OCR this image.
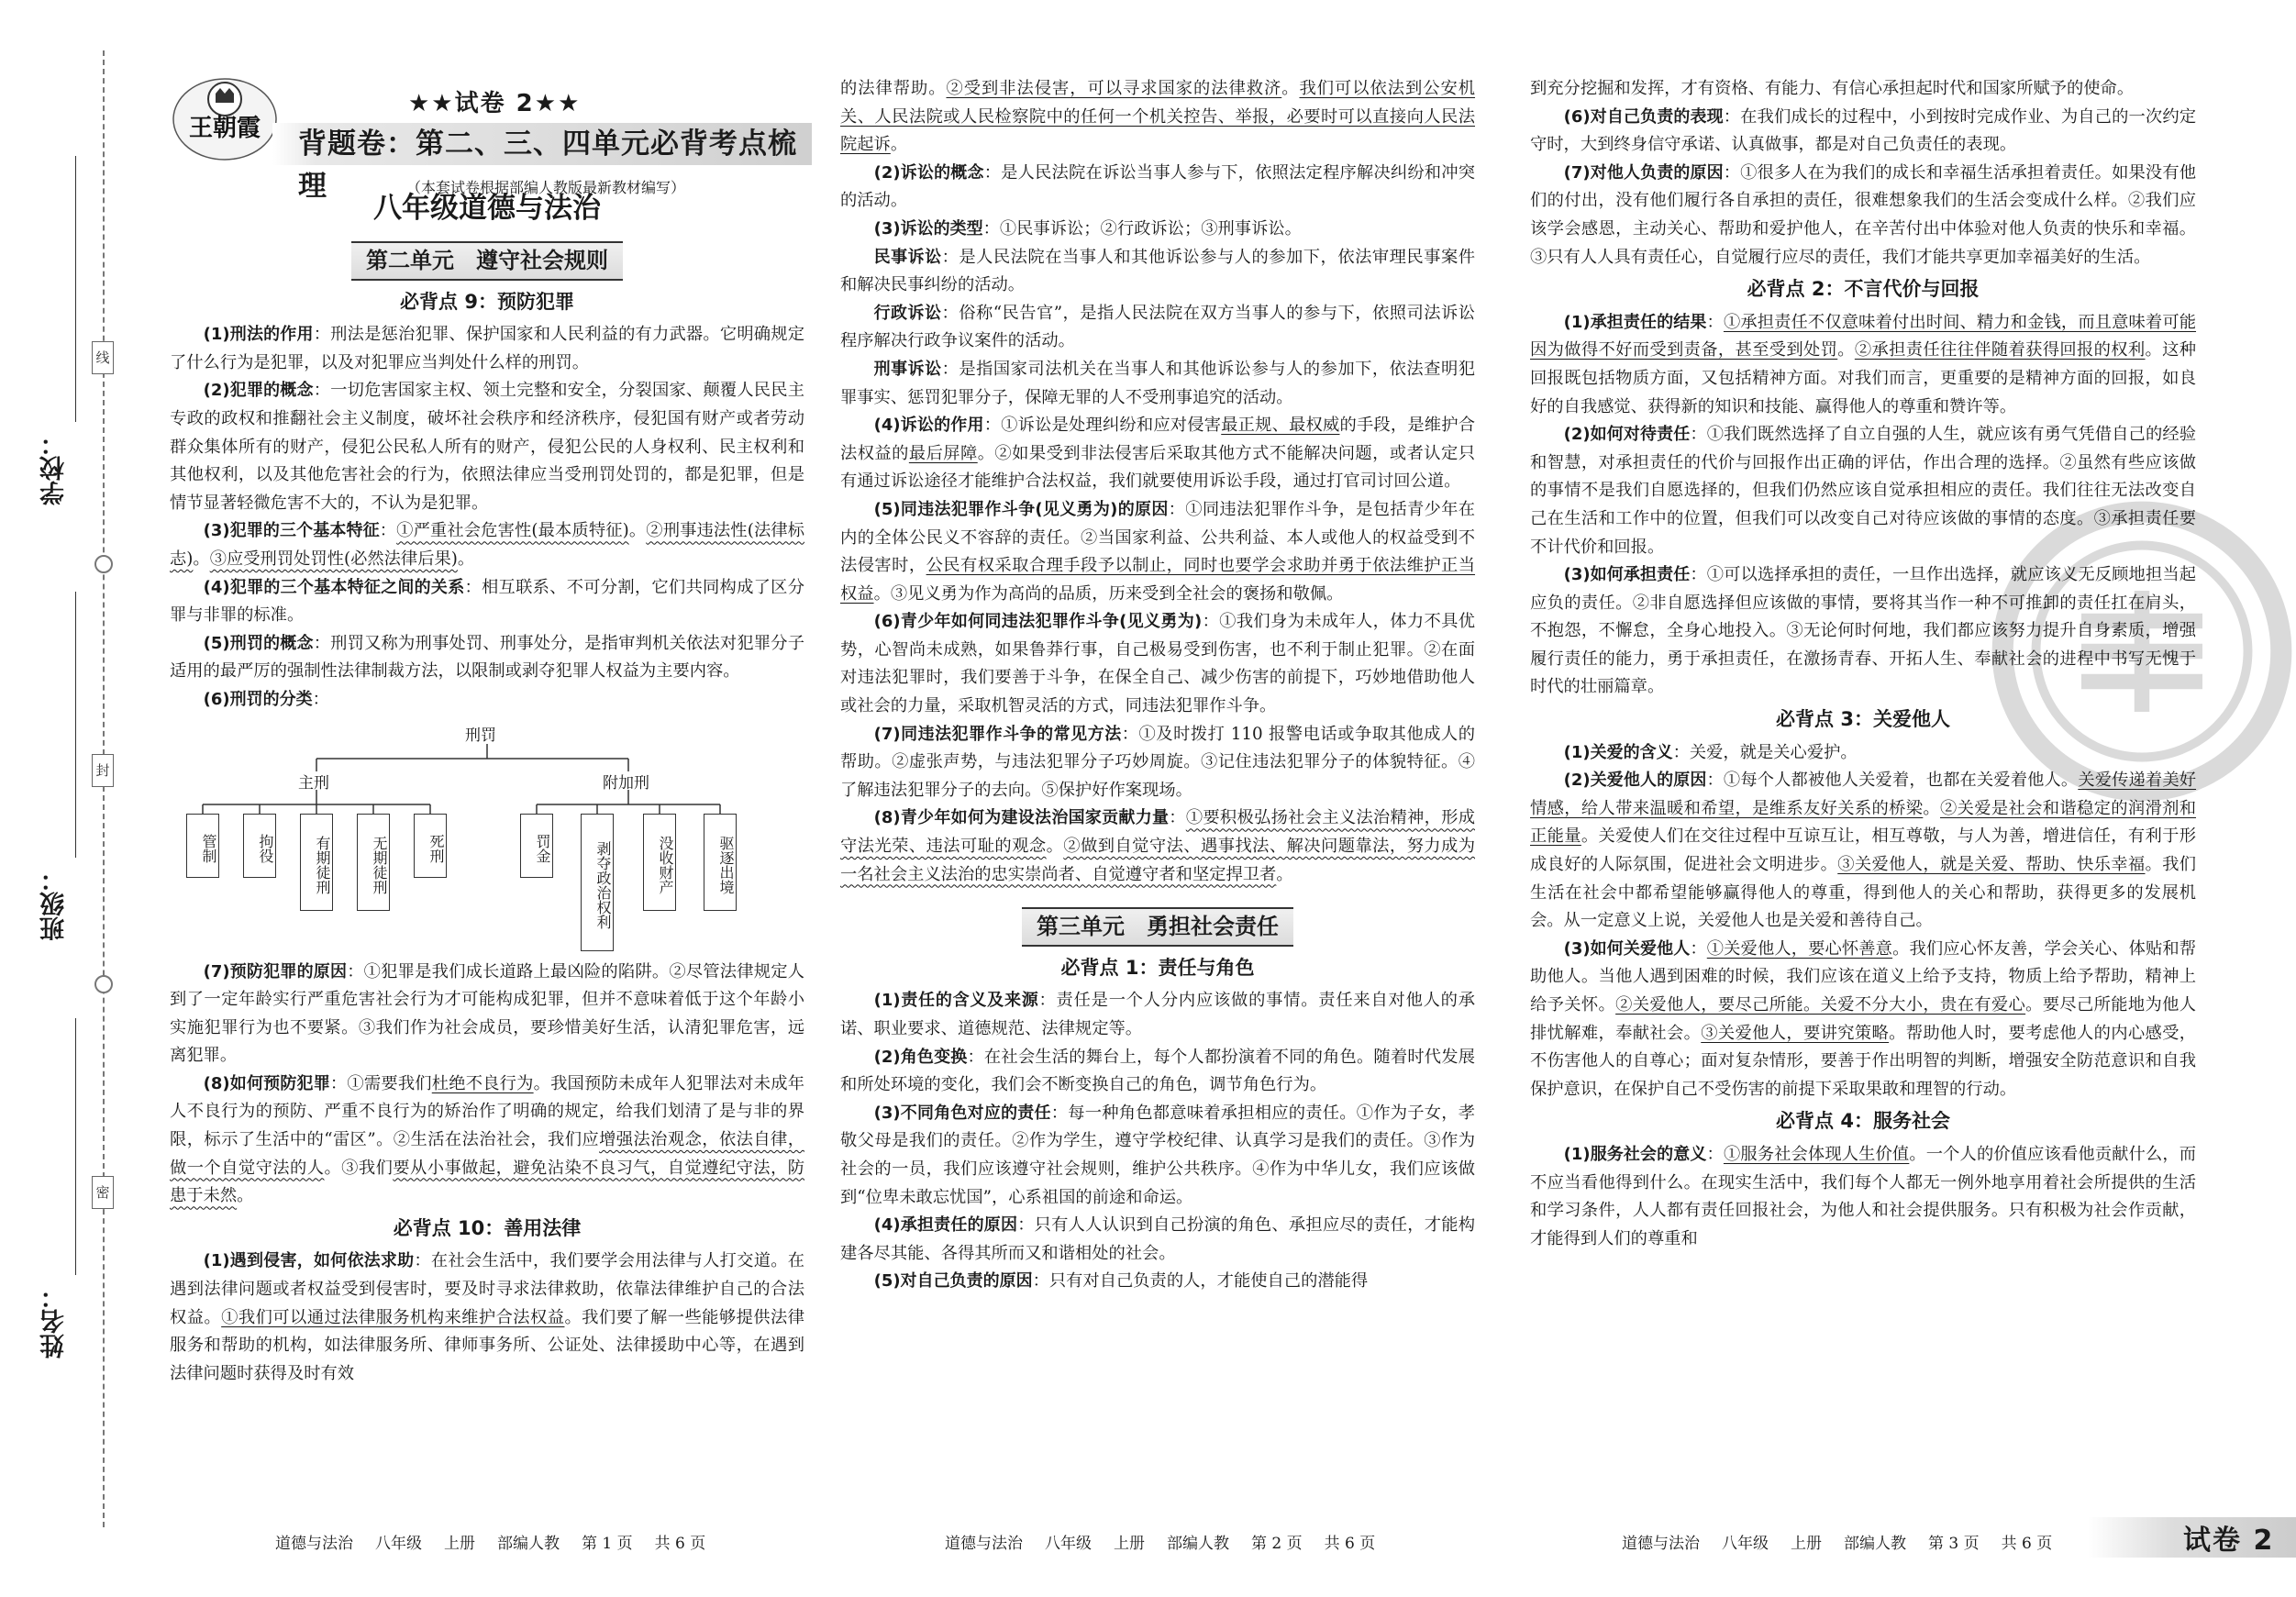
线
封
密
学校：
班级：
姓名：
王朝霞
★★试卷 2★★
背题卷：第二、三、四单元必背考点梳理	（本套试卷根据部编人教版最新教材编写）
八年级道德与法治
第二单元　遵守社会规则
必背点 9：预防犯罪

(1)刑法的作用：刑法是惩治犯罪、保护国家和人民利益的有力武器。它明确规定了什么行为是犯罪，以及对犯罪应当判处什么样的刑罚。

(2)犯罪的概念：一切危害国家主权、领土完整和安全，分裂国家、颠覆人民民主专政的政权和推翻社会主义制度，破坏社会秩序和经济秩序，侵犯国有财产或者劳动群众集体所有的财产，侵犯公民私人所有的财产，侵犯公民的人身权利、民主权利和其他权利，以及其他危害社会的行为，依照法律应当受刑罚处罚的，都是犯罪，但是情节显著轻微危害不大的，不认为是犯罪。

(3)犯罪的三个基本特征：①严重社会危害性(最本质特征)。②刑事违法性(法律标志)。③应受刑罚处罚性(必然法律后果)。

(4)犯罪的三个基本特征之间的关系：相互联系、不可分割，它们共同构成了区分罪与非罪的标准。

(5)刑罚的概念：刑罚又称为刑事处罚、刑事处分，是指审判机关依法对犯罪分子适用的最严厉的强制性法律制裁方法，以限制或剥夺犯罪人权益为主要内容。

(6)刑罚的分类：

刑罚
主刑	附加刑
管制	拘役	有期徒刑	无期徒刑	死刑	罚金	剥夺政治权利	没收财产	驱逐出境

(7)预防犯罪的原因：①犯罪是我们成长道路上最凶险的陷阱。②尽管法律规定人到了一定年龄实行严重危害社会行为才可能构成犯罪，但并不意味着低于这个年龄小实施犯罪行为也不要紧。③我们作为社会成员，要珍惜美好生活，认清犯罪危害，远离犯罪。

(8)如何预防犯罪：①需要我们杜绝不良行为。我国预防未成年人犯罪法对未成年人不良行为的预防、严重不良行为的矫治作了明确的规定，给我们划清了是与非的界限，标示了生活中的“雷区”。②生活在法治社会，我们应增强法治观念，依法自律，做一个自觉守法的人。③我们要从小事做起，避免沾染不良习气，自觉遵纪守法，防患于未然。

必背点 10：善用法律

(1)遇到侵害，如何依法求助：在社会生活中，我们要学会用法律与人打交道。在遇到法律问题或者权益受到侵害时，要及时寻求法律救助，依靠法律维护自己的合法权益。①我们可以通过法律服务机构来维护合法权益。我们要了解一些能够提供法律服务和帮助的机构，如法律服务所、律师事务所、公证处、法律援助中心等，在遇到法律问题时获得及时有效

的法律帮助。②受到非法侵害，可以寻求国家的法律救济。我们可以依法到公安机关、人民法院或人民检察院中的任何一个机关控告、举报，必要时可以直接向人民法院起诉。

(2)诉讼的概念：是人民法院在诉讼当事人参与下，依照法定程序解决纠纷和冲突的活动。

(3)诉讼的类型：①民事诉讼；②行政诉讼；③刑事诉讼。

民事诉讼：是人民法院在当事人和其他诉讼参与人的参加下，依法审理民事案件和解决民事纠纷的活动。

行政诉讼：俗称“民告官”，是指人民法院在双方当事人的参与下，依照司法诉讼程序解决行政争议案件的活动。

刑事诉讼：是指国家司法机关在当事人和其他诉讼参与人的参加下，依法查明犯罪事实、惩罚犯罪分子，保障无罪的人不受刑事追究的活动。

(4)诉讼的作用：①诉讼是处理纠纷和应对侵害最正规、最权威的手段，是维护合法权益的最后屏障。②如果受到非法侵害后采取其他方式不能解决问题，或者认定只有通过诉讼途径才能维护合法权益，我们就要使用诉讼手段，通过打官司讨回公道。

(5)同违法犯罪作斗争(见义勇为)的原因：①同违法犯罪作斗争，是包括青少年在内的全体公民义不容辞的责任。②当国家利益、公共利益、本人或他人的权益受到不法侵害时，公民有权采取合理手段予以制止，同时也要学会求助并勇于依法维护正当权益。③见义勇为作为高尚的品质，历来受到全社会的褒扬和敬佩。

(6)青少年如何同违法犯罪作斗争(见义勇为)：①我们身为未成年人，体力不具优势，心智尚未成熟，如果鲁莽行事，自己极易受到伤害，也不利于制止犯罪。②在面对违法犯罪时，我们要善于斗争，在保全自己、减少伤害的前提下，巧妙地借助他人或社会的力量，采取机智灵活的方式，同违法犯罪作斗争。

(7)同违法犯罪作斗争的常见方法：①及时拨打 110 报警电话或争取其他成人的帮助。②虚张声势，与违法犯罪分子巧妙周旋。③记住违法犯罪分子的体貌特征。④了解违法犯罪分子的去向。⑤保护好作案现场。

(8)青少年如何为建设法治国家贡献力量：①要积极弘扬社会主义法治精神，形成守法光荣、违法可耻的观念。②做到自觉守法、遇事找法、解决问题靠法，努力成为一名社会主义法治的忠实崇尚者、自觉遵守者和坚定捍卫者。

第三单元　勇担社会责任
必背点 1：责任与角色

(1)责任的含义及来源：责任是一个人分内应该做的事情。责任来自对他人的承诺、职业要求、道德规范、法律规定等。

(2)角色变换：在社会生活的舞台上，每个人都扮演着不同的角色。随着时代发展和所处环境的变化，我们会不断变换自己的角色，调节角色行为。

(3)不同角色对应的责任：每一种角色都意味着承担相应的责任。①作为子女，孝敬父母是我们的责任。②作为学生，遵守学校纪律、认真学习是我们的责任。③作为社会的一员，我们应该遵守社会规则，维护公共秩序。④作为中华儿女，我们应该做到“位卑未敢忘忧国”，心系祖国的前途和命运。

(4)承担责任的原因：只有人人认识到自己扮演的角色、承担应尽的责任，才能构建各尽其能、各得其所而又和谐相处的社会。

(5)对自己负责的原因：只有对自己负责的人，才能使自己的潜能得

到充分挖掘和发挥，才有资格、有能力、有信心承担起时代和国家所赋予的使命。

(6)对自己负责的表现：在我们成长的过程中，小到按时完成作业、为自己的一次约定守时，大到终身信守承诺、认真做事，都是对自己负责任的表现。

(7)对他人负责的原因：①很多人在为我们的成长和幸福生活承担着责任。如果没有他们的付出，没有他们履行各自承担的责任，很难想象我们的生活会变成什么样。②我们应该学会感恩，主动关心、帮助和爱护他人，在辛苦付出中体验对他人负责的快乐和幸福。③只有人人具有责任心，自觉履行应尽的责任，我们才能共享更加幸福美好的生活。

必背点 2：不言代价与回报

(1)承担责任的结果：①承担责任不仅意味着付出时间、精力和金钱，而且意味着可能因为做得不好而受到责备，甚至受到处罚。②承担责任往往伴随着获得回报的权利。这种回报既包括物质方面，又包括精神方面。对我们而言，更重要的是精神方面的回报，如良好的自我感觉、获得新的知识和技能、赢得他人的尊重和赞许等。

(2)如何对待责任：①我们既然选择了自立自强的人生，就应该有勇气凭借自己的经验和智慧，对承担责任的代价与回报作出正确的评估，作出合理的选择。②虽然有些应该做的事情不是我们自愿选择的，但我们仍然应该自觉承担相应的责任。我们往往无法改变自己在生活和工作中的位置，但我们可以改变自己对待应该做的事情的态度。③承担责任要不计代价和回报。

(3)如何承担责任：①可以选择承担的责任，一旦作出选择，就应该义无反顾地担当起应负的责任。②非自愿选择但应该做的事情，要将其当作一种不可推卸的责任扛在肩头，不抱怨，不懈怠，全身心地投入。③无论何时何地，我们都应该努力提升自身素质，增强履行责任的能力，勇于承担责任，在激扬青春、开拓人生、奉献社会的进程中书写无愧于时代的壮丽篇章。

必背点 3：关爱他人

(1)关爱的含义：关爱，就是关心爱护。

(2)关爱他人的原因：①每个人都被他人关爱着，也都在关爱着他人。关爱传递着美好情感，给人带来温暖和希望，是维系友好关系的桥梁。②关爱是社会和谐稳定的润滑剂和正能量。关爱使人们在交往过程中互谅互让，相互尊敬，与人为善，增进信任，有利于形成良好的人际氛围，促进社会文明进步。③关爱他人，就是关爱、帮助、快乐幸福。我们生活在社会中都希望能够赢得他人的尊重，得到他人的关心和帮助，获得更多的发展机会。从一定意义上说，关爱他人也是关爱和善待自己。

(3)如何关爱他人：①关爱他人，要心怀善意。我们应心怀友善，学会关心、体贴和帮助他人。当他人遇到困难的时候，我们应该在道义上给予支持，物质上给予帮助，精神上给予关怀。②关爱他人，要尽己所能。关爱不分大小，贵在有爱心。要尽己所能地为他人排忧解难，奉献社会。③关爱他人，要讲究策略。帮助他人时，要考虑他人的内心感受，不伤害他人的自尊心；面对复杂情形，要善于作出明智的判断，增强安全防范意识和自我保护意识，在保护自己不受伤害的前提下采取果敢和理智的行动。

必背点 4：服务社会

(1)服务社会的意义：①服务社会体现人生价值。一个人的价值应该看他贡献什么，而不应当看他得到什么。在现实生活中，我们每个人都无一例外地享用着社会所提供的生活和学习条件，人人都有责任回报社会，为他人和社会提供服务。只有积极为社会作贡献，才能得到人们的尊重和

道德与法治 八年级 上册 部编人教 第 1 页 共 6 页	道德与法治 八年级 上册 部编人教 第 2 页 共 6 页	道德与法治 八年级 上册 部编人教 第 3 页 共 6 页	试卷 2
